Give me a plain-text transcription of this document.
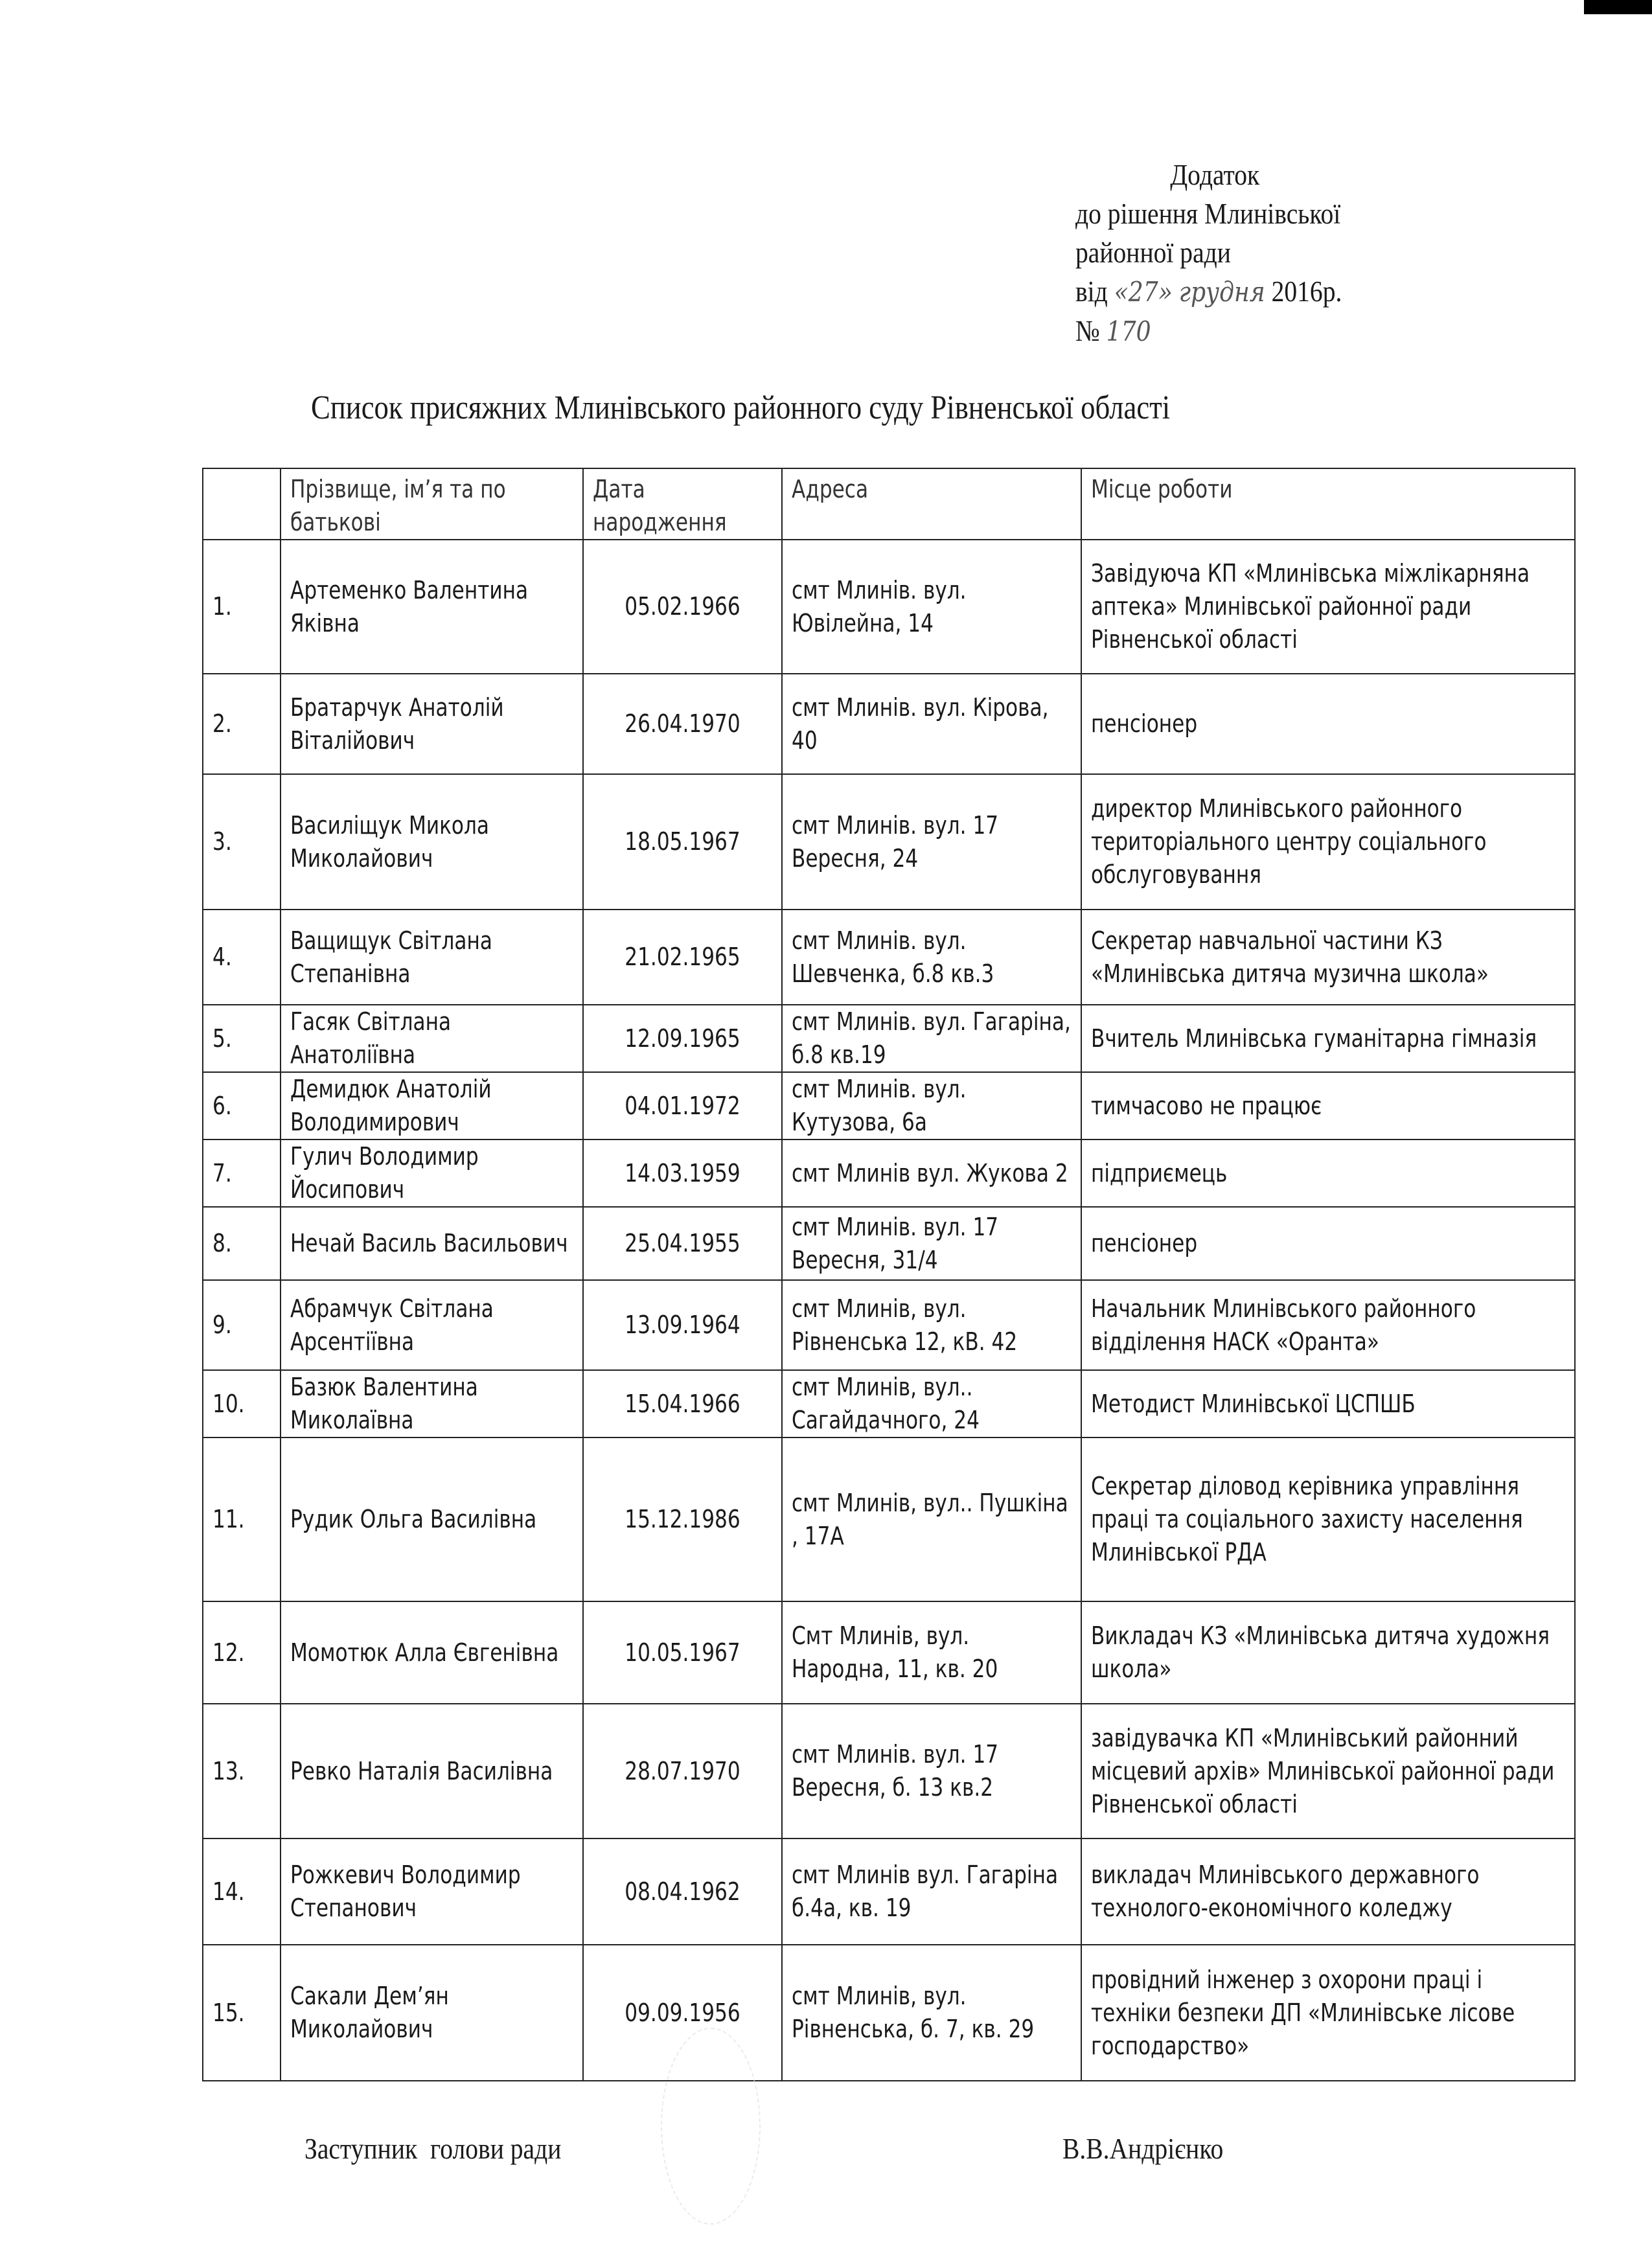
Додаток
до рішення Млинівської
районної ради
від «27» грудня 2016р.
№ 170
Список присяжних Млинівського районного суду Рівненської області

	Прізвище, ім’я та по батькові	Дата народження	Адреса	Місце роботи

1.	Артеменко Валентина Яківна	05.02.1966	смт Млинів. вул. Ювілейна, 14	Завідуюча КП «Млинівська міжлікарняна аптека» Млинівської районної ради Рівненської області

2.	Братарчук Анатолій Віталійович	26.04.1970	смт Млинів. вул. Кірова, 40	пенсіонер

3.	Василіщук Микола Миколайович	18.05.1967	смт Млинів. вул. 17 Вересня, 24	директор Млинівського районного територіального центру соціального обслуговування

4.	Ващищук Світлана Степанівна	21.02.1965	смт Млинів. вул. Шевченка, б.8 кв.3	Секретар навчальної частини КЗ «Млинівська дитяча музична школа»

5.	Гасяк Світлана Анатоліївна	12.09.1965	смт Млинів. вул. Гагаріна, б.8 кв.19	Вчитель Млинівська гуманітарна гімназія

6.	Демидюк Анатолій Володимирович	04.01.1972	смт Млинів. вул. Кутузова, 6а	тимчасово не працює

7.	Гулич Володимир Йосипович	14.03.1959	смт Млинів вул. Жукова 2	підприємець

8.	Нечай Василь Васильович	25.04.1955	смт Млинів. вул. 17 Вересня, 31/4	пенсіонер

9.	Абрамчук Світлана Арсентіївна	13.09.1964	смт Млинів, вул. Рівненська 12, кВ. 42	Начальник Млинівського районного відділення НАСК «Оранта»

10.	Базюк Валентина Миколаївна	15.04.1966	смт Млинів, вул.. Сагайдачного, 24	Методист Млинівської ЦСПШБ

11.	Рудик Ольга Василівна	15.12.1986	смт Млинів, вул.. Пушкіна , 17А	Секретар діловод керівника управління праці та соціального захисту населення Млинівської РДА

12.	Момотюк Алла Євгенівна	10.05.1967	Смт Млинів, вул. Народна, 11, кв. 20	Викладач КЗ «Млинівська дитяча художня школа»

13.	Ревко Наталія Василівна	28.07.1970	смт Млинів. вул. 17 Вересня, б. 13 кв.2	завідувачка КП «Млинівський районний місцевий архів» Млинівської районної ради Рівненської області

14.	Рожкевич Володимир Степанович	08.04.1962	смт Млинів вул. Гагаріна б.4а, кв. 19	викладач Млинівського державного технолого-економічного коледжу

15.	Сакали Дем’ян Миколайович	09.09.1956	смт Млинів, вул. Рівненська, б. 7, кв. 29	провідний інженер з охорони праці і техніки безпеки ДП «Млинівське лісове господарство»
Заступник  голови ради	В.В.Андрієнко
